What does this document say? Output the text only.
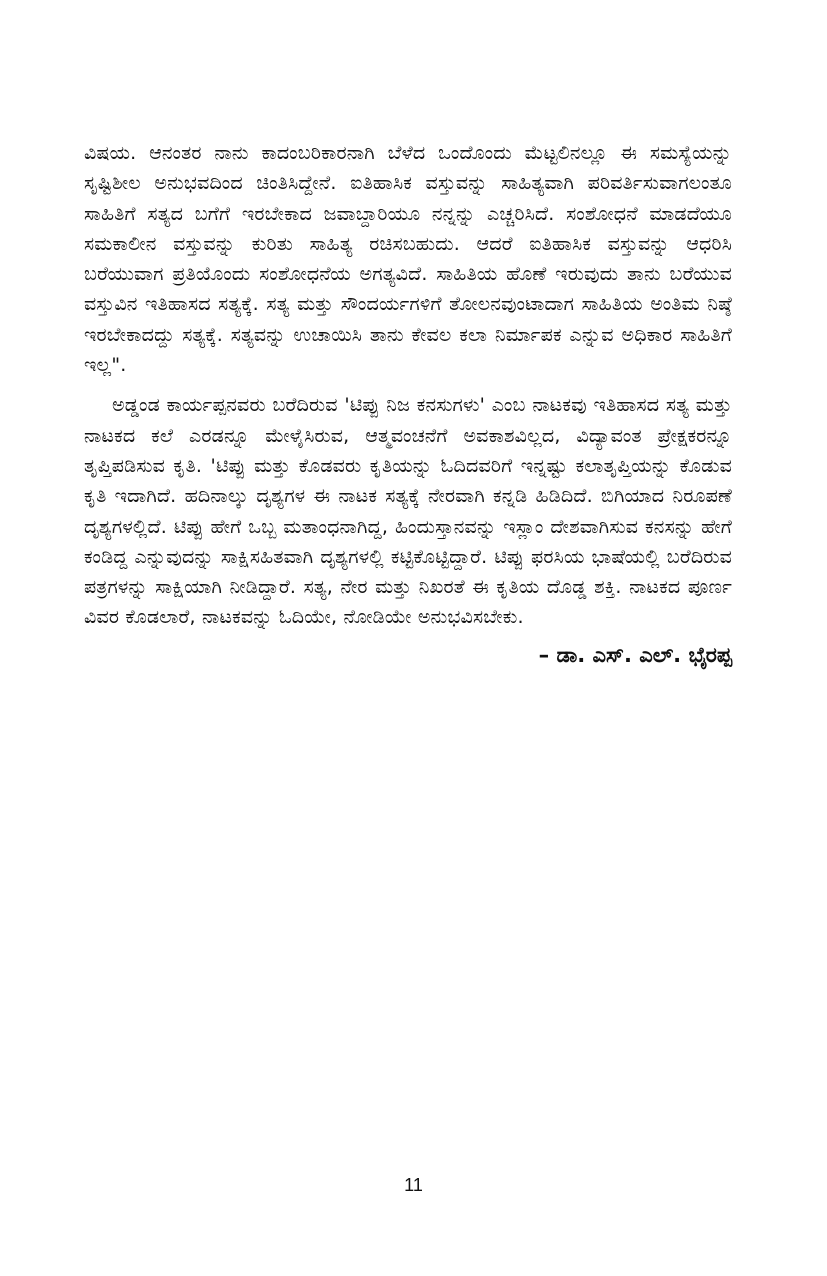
ವಿಷಯ. ಆನಂತರ ನಾನು ಕಾದಂಬರಿಕಾರನಾಗಿ ಬೆಳೆದ ಒಂದೊಂದು ಮೆಟ್ಟಲಿನಲ್ಲೂ ಈ ಸಮಸ್ಯೆಯನ್ನು ಸೃಷ್ಟಿಶೀಲ ಅನುಭವದಿಂದ ಚಿಂತಿಸಿದ್ದೇನೆ. ಐತಿಹಾಸಿಕ ವಸ್ತುವನ್ನು ಸಾಹಿತ್ಯವಾಗಿ ಪರಿವರ್ತಿಸುವಾಗಲಂತೂ ಸಾಹಿತಿಗೆ ಸತ್ಯದ ಬಗೆಗೆ ಇರಬೇಕಾದ ಜವಾಬ್ದಾರಿಯೂ ನನ್ನನ್ನು ಎಚ್ಚರಿಸಿದೆ. ಸಂಶೋಧನೆ ಮಾಡದೆಯೂ ಸಮಕಾಲೀನ ವಸ್ತುವನ್ನು ಕುರಿತು ಸಾಹಿತ್ಯ ರಚಿಸಬಹುದು. ಆದರೆ ಐತಿಹಾಸಿಕ ವಸ್ತುವನ್ನು ಆಧರಿಸಿ ಬರೆಯುವಾಗ ಪ್ರತಿಯೊಂದು ಸಂಶೋಧನೆಯ ಅಗತ್ಯವಿದೆ. ಸಾಹಿತಿಯ ಹೊಣೆ ಇರುವುದು ತಾನು ಬರೆಯುವ ವಸ್ತುವಿನ ಇತಿಹಾಸದ ಸತ್ಯಕ್ಕೆ. ಸತ್ಯ ಮತ್ತು ಸೌಂದರ್ಯಗಳಿಗೆ ತೋಲನವುಂಟಾದಾಗ ಸಾಹಿತಿಯ ಅಂತಿಮ ನಿಷ್ಠೆ ಇರಬೇಕಾದದ್ದು ಸತ್ಯಕ್ಕೆ. ಸತ್ಯವನ್ನು ಉಚಾಯಿಸಿ ತಾನು ಕೇವಲ ಕಲಾ ನಿರ್ಮಾಪಕ ಎನ್ನುವ ಅಧಿಕಾರ ಸಾಹಿತಿಗೆ ಇಲ್ಲ".

ಅಡ್ಡಂಡ ಕಾರ್ಯಪ್ಪನವರು ಬರೆದಿರುವ 'ಟಿಪ್ಪು ನಿಜ ಕನಸುಗಳು' ಎಂಬ ನಾಟಕವು ಇತಿಹಾಸದ ಸತ್ಯ ಮತ್ತು ನಾಟಕದ ಕಲೆ ಎರಡನ್ನೂ ಮೇಳೈಸಿರುವ, ಆತ್ಮವಂಚನೆಗೆ ಅವಕಾಶವಿಲ್ಲದ, ವಿದ್ಯಾವಂತ ಪ್ರೇಕ್ಷಕರನ್ನೂ ತೃಪ್ತಿಪಡಿಸುವ ಕೃತಿ. 'ಟಿಪ್ಪು ಮತ್ತು ಕೊಡವರು ಕೃತಿಯನ್ನು ಓದಿದವರಿಗೆ ಇನ್ನಷ್ಟು ಕಲಾತೃಪ್ತಿಯನ್ನು ಕೊಡುವ ಕೃತಿ ಇದಾಗಿದೆ. ಹದಿನಾಲ್ಕು ದೃಶ್ಯಗಳ ಈ ನಾಟಕ ಸತ್ಯಕ್ಕೆ ನೇರವಾಗಿ ಕನ್ನಡಿ ಹಿಡಿದಿದೆ. ಬಿಗಿಯಾದ ನಿರೂಪಣೆ ದೃಶ್ಯಗಳಲ್ಲಿದೆ. ಟಿಪ್ಪು ಹೇಗೆ ಒಬ್ಬ ಮತಾಂಧನಾಗಿದ್ದ, ಹಿಂದುಸ್ತಾನವನ್ನು ಇಸ್ಲಾಂ ದೇಶವಾಗಿಸುವ ಕನಸನ್ನು ಹೇಗೆ ಕಂಡಿದ್ದ ಎನ್ನುವುದನ್ನು ಸಾಕ್ಷಿಸಹಿತವಾಗಿ ದೃಶ್ಯಗಳಲ್ಲಿ ಕಟ್ಟಿಕೊಟ್ಟಿದ್ದಾರೆ. ಟಿಪ್ಪು ಫರಸಿಯ ಭಾಷೆಯಲ್ಲಿ ಬರೆದಿರುವ ಪತ್ರಗಳನ್ನು ಸಾಕ್ಷಿಯಾಗಿ ನೀಡಿದ್ದಾರೆ. ಸತ್ಯ, ನೇರ ಮತ್ತು ನಿಖರತೆ ಈ ಕೃತಿಯ ದೊಡ್ಡ ಶಕ್ತಿ. ನಾಟಕದ ಪೂರ್ಣ ವಿವರ ಕೊಡಲಾರೆ, ನಾಟಕವನ್ನು ಓದಿಯೇ, ನೋಡಿಯೇ ಅನುಭವಿಸಬೇಕು.

– ಡಾ. ಎಸ್. ಎಲ್. ಭೈರಪ್ಪ
11
